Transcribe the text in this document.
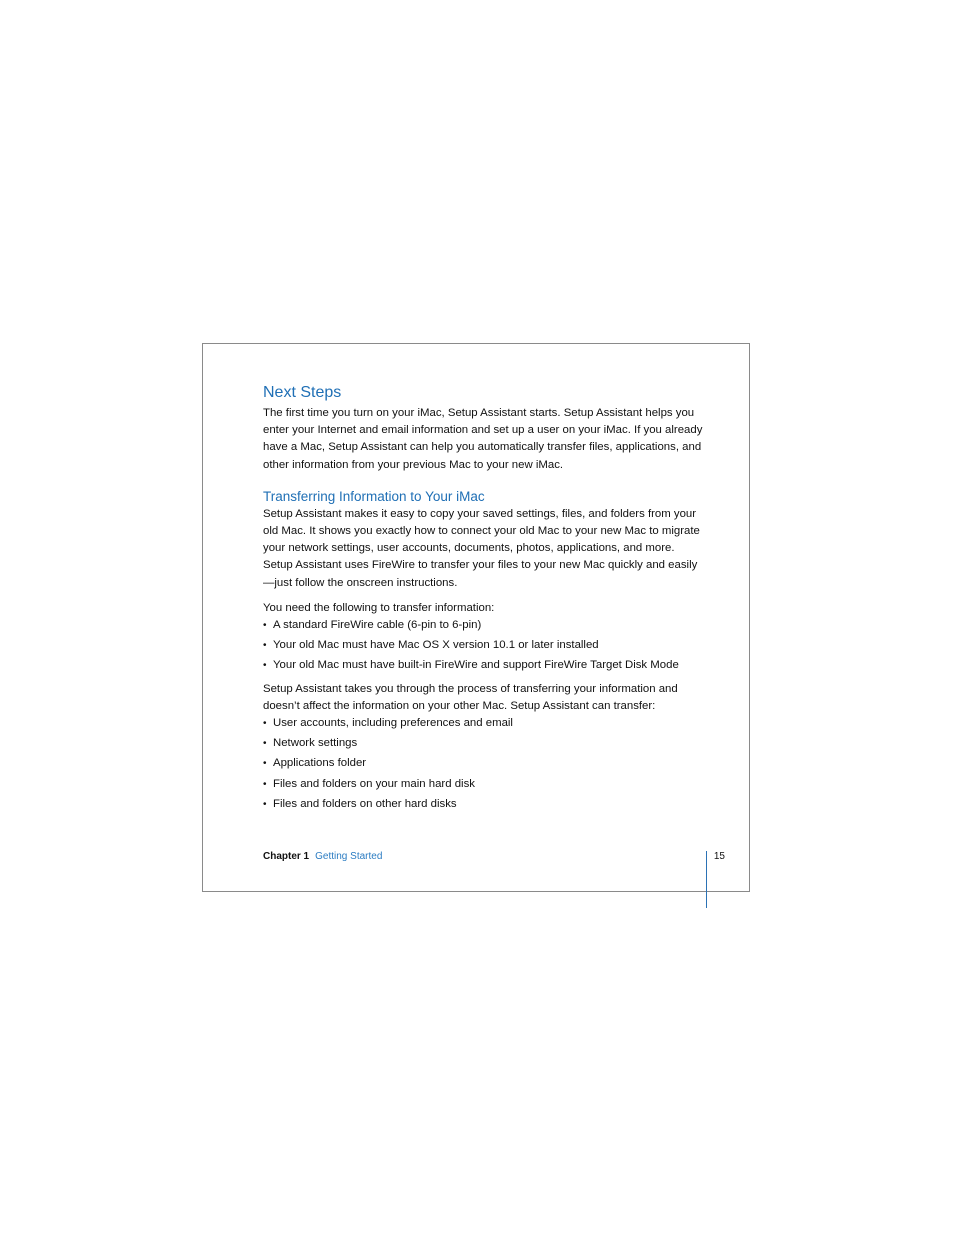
Next Steps

The first time you turn on your iMac, Setup Assistant starts. Setup Assistant helps you enter your Internet and email information and set up a user on your iMac. If you already have a Mac, Setup Assistant can help you automatically transfer files, applications, and other information from your previous Mac to your new iMac.

Transferring Information to Your iMac

Setup Assistant makes it easy to copy your saved settings, files, and folders from your old Mac. It shows you exactly how to connect your old Mac to your new Mac to migrate your network settings, user accounts, documents, photos, applications, and more. Setup Assistant uses FireWire to transfer your files to your new Mac quickly and easily—just follow the onscreen instructions.

You need the following to transfer information:

• A standard FireWire cable (6-pin to 6-pin)
• Your old Mac must have Mac OS X version 10.1 or later installed
• Your old Mac must have built-in FireWire and support FireWire Target Disk Mode

Setup Assistant takes you through the process of transferring your information and doesn’t affect the information on your other Mac. Setup Assistant can transfer:

• User accounts, including preferences and email
• Network settings
• Applications folder
• Files and folders on your main hard disk
• Files and folders on other hard disks
Chapter 1 Getting Started	15
